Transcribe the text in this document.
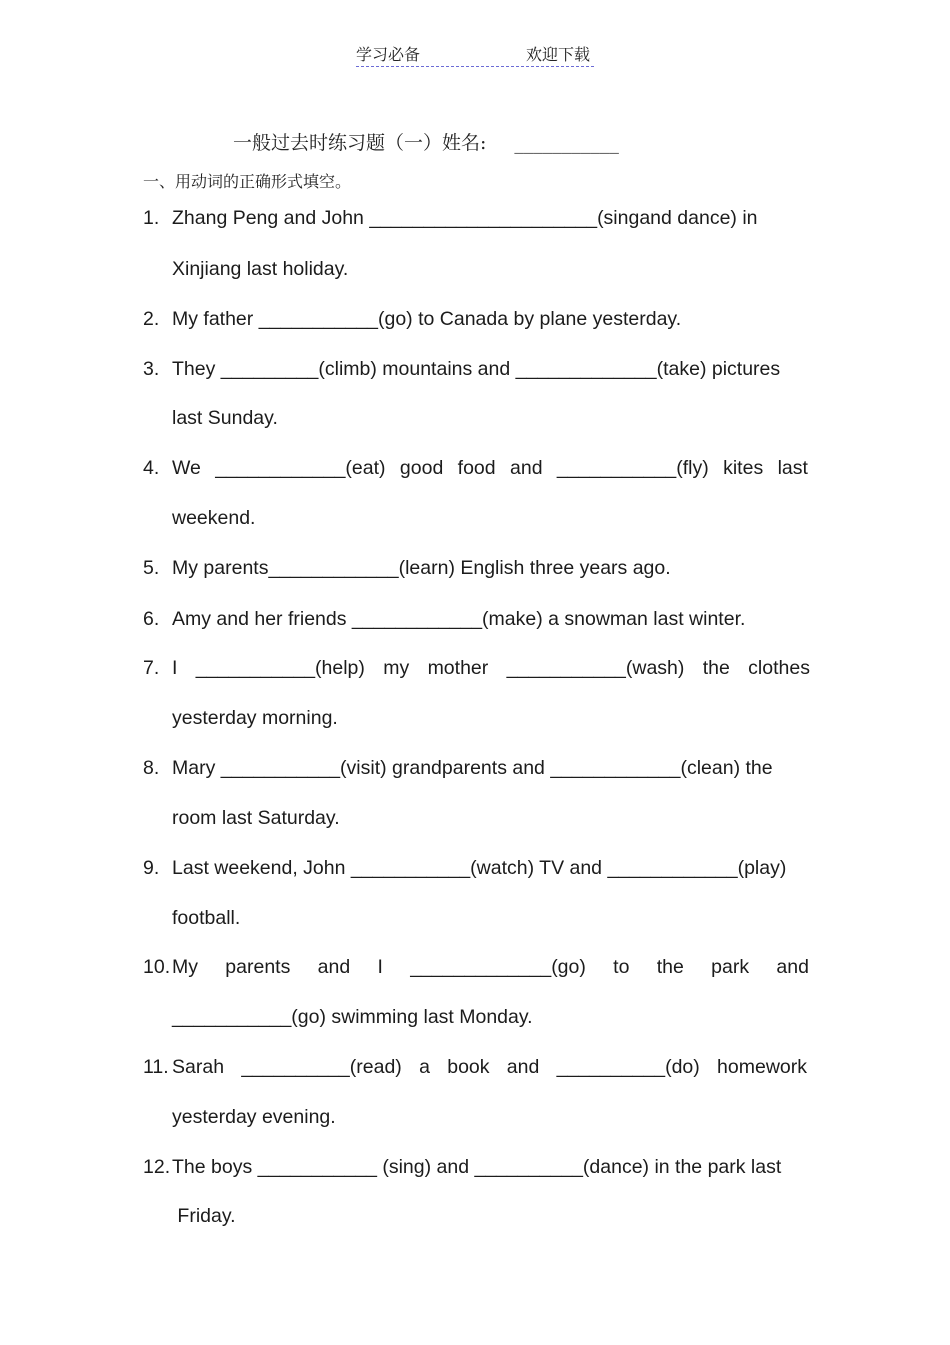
学习必备	欢迎下载
一般过去时练习题（一）姓名: ___________
一、用动词的正确形式填空。
1. Zhang Peng and John _____________________(singand dance) in
Xinjiang last holiday.
2. My father ___________(go) to Canada by plane yesterday.
3. They _________(climb) mountains and _____________(take) pictures
last Sunday.
4. We ____________(eat) good food and ___________(fly) kites last
weekend.
5. My parents____________(learn) English three years ago.
6. Amy and her friends ____________(make) a snowman last winter.
7. I ___________(help) my mother ___________(wash) the clothes
yesterday morning.
8. Mary ___________(visit) grandparents and ____________(clean) the
room last Saturday.
9. Last weekend, John ___________(watch) TV and ____________(play)
football.
10. My parents and I _____________(go) to the park and
___________(go) swimming last Monday.
11. Sarah __________(read) a book and __________(do) homework
yesterday evening.
12.The boys ___________ (sing) and __________(dance) in the park last
Friday.
